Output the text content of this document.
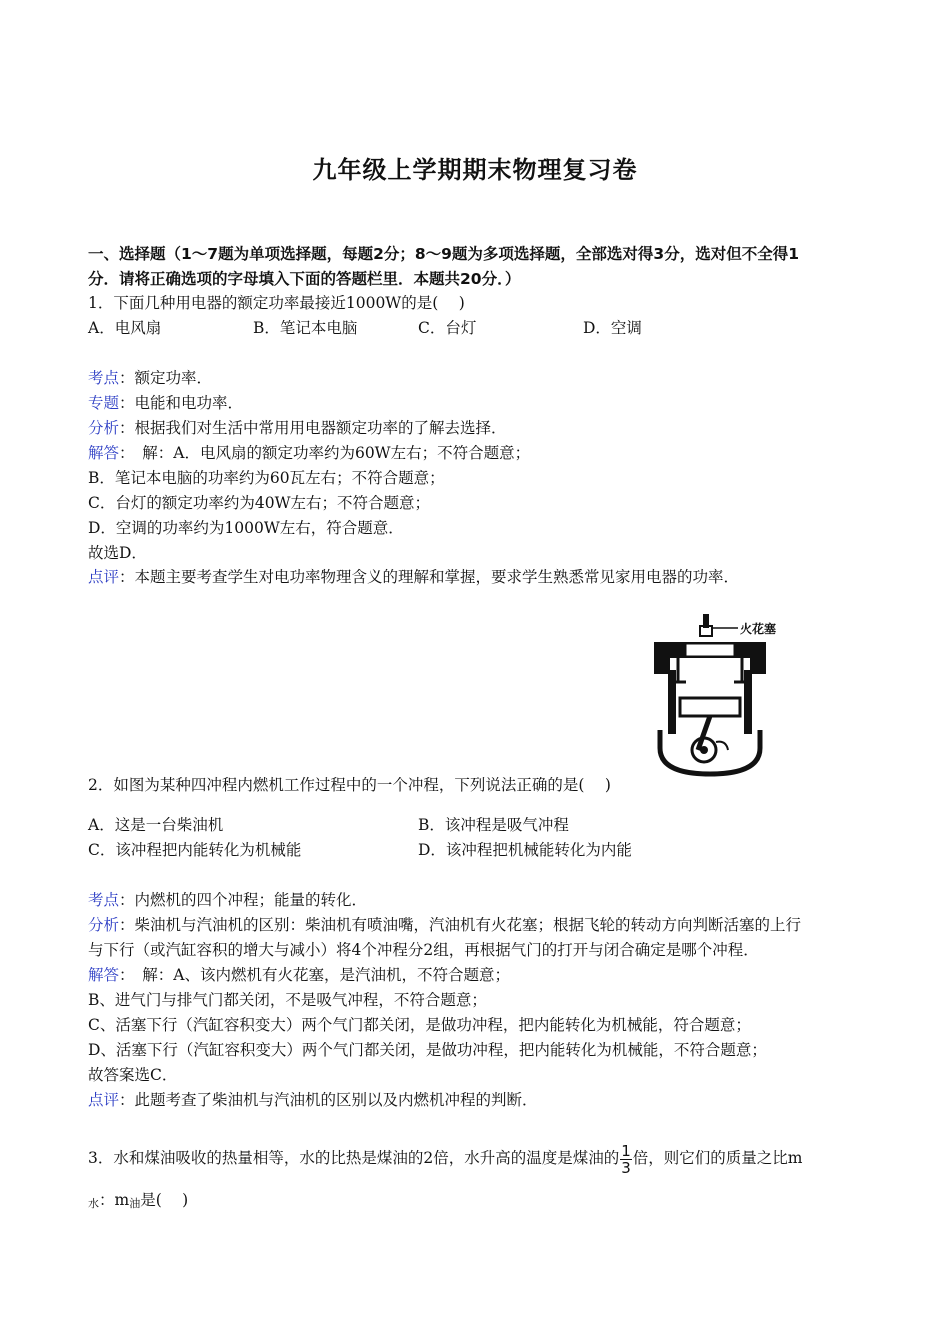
九年级上学期期末物理复习卷
一、选择题（1～7题为单项选择题，每题2分；8～9题为多项选择题，全部选对得3分，选对但不全得1
分．请将正确选项的字母填入下面的答题栏里．本题共20分．）
1．下面几种用电器的额定功率最接近1000W的是(　 )
A．电风扇	B．笔记本电脑	C．台灯	D．空调
考点：额定功率．
专题：电能和电功率．
分析：根据我们对生活中常用用电器额定功率的了解去选择．
解答：　解：A．电风扇的额定功率约为60W左右；不符合题意；
B．笔记本电脑的功率约为60瓦左右；不符合题意；
C．台灯的额定功率约为40W左右；不符合题意；
D．空调的功率约为1000W左右，符合题意．
故选D．
点评：本题主要考查学生对电功率物理含义的理解和掌握，要求学生熟悉常见家用电器的功率．
火花塞
2．如图为某种四冲程内燃机工作过程中的一个冲程，下列说法正确的是(　 )
A．这是一台柴油机	B．该冲程是吸气冲程
C．该冲程把内能转化为机械能	D．该冲程把机械能转化为内能
考点：内燃机的四个冲程；能量的转化．
分析：柴油机与汽油机的区别：柴油机有喷油嘴，汽油机有火花塞；根据飞轮的转动方向判断活塞的上行
与下行（或汽缸容积的增大与减小）将4个冲程分2组，再根据气门的打开与闭合确定是哪个冲程．
解答：　解：A、该内燃机有火花塞，是汽油机，不符合题意；
B、进气门与排气门都关闭，不是吸气冲程，不符合题意；
C、活塞下行（汽缸容积变大）两个气门都关闭，是做功冲程，把内能转化为机械能，符合题意；
D、活塞下行（汽缸容积变大）两个气门都关闭，是做功冲程，把内能转化为机械能，不符合题意；
故答案选C．
点评：此题考查了柴油机与汽油机的区别以及内燃机冲程的判断．
3．水和煤油吸收的热量相等，水的比热是煤油的2倍，水升高的温度是煤油的 $\frac{1}{3}$ 倍，则它们的质量之比m
$_水$：$m_油$是(　 )
